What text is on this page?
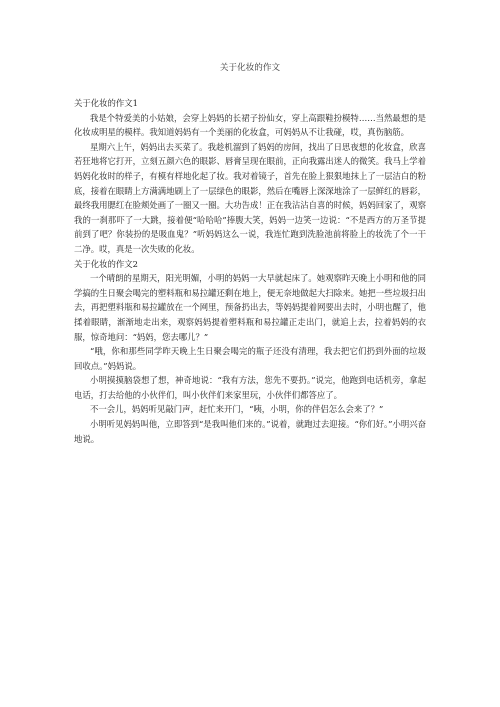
关于化妆的作文

关于化妆的作文1

我是个特爱美的小姑娘，会穿上妈妈的长裙子扮仙女，穿上高跟鞋扮模特……当然最想的是化妆成明星的模样。我知道妈妈有一个美丽的化妆盒，可妈妈从不让我碰，哎，真伤脑筋。

星期六上午，妈妈出去买菜了。我趁机溜到了妈妈的房间，找出了日思夜想的化妆盒，欣喜若狂地将它打开，立刻五颜六色的眼影、唇膏呈现在眼前，正向我露出迷人的微笑。我马上学着妈妈化妆时的样子，有模有样地化起了妆。我对着镜子，首先在脸上狠狠地抹上了一层洁白的粉底，接着在眼睛上方满满地刷上了一层绿色的眼影，然后在嘴唇上深深地涂了一层鲜红的唇彩，最终我用腮红在脸颊处画了一圈又一圈。大功告成！正在我沾沾自喜的时候，妈妈回家了，观察我的一刹那吓了一大跳，接着便“哈哈哈”捧腹大笑，妈妈一边笑一边说：“不是西方的万圣节提前到了吧？你装扮的是吸血鬼？”听妈妈这么一说，我连忙跑到洗脸池前将脸上的妆洗了个一干二净。哎，真是一次失败的化妆。

关于化妆的作文2

一个晴朗的星期天，阳光明媚，小明的妈妈一大早就起床了。她观察昨天晚上小明和他的同学搞的生日聚会喝完的塑料瓶和易拉罐还剩在地上，便无奈地做起大扫除来。她把一些垃圾扫出去，再把塑料瓶和易拉罐放在一个网里，预备扔出去，等妈妈提着网要出去时，小明也醒了，他揉着眼睛，渐渐地走出来，观察妈妈提着塑料瓶和易拉罐正走出门，就追上去，拉着妈妈的衣服，惊奇地问：“妈妈，您去哪儿？”

“哦，你和那些同学昨天晚上生日聚会喝完的瓶子还没有清理，我去把它们扔到外面的垃圾回收点。”妈妈说。

小明摸摸脑袋想了想，神奇地说：“我有方法，您先不要扔。”说完，他跑到电话机旁，拿起电话，打去给他的小伙伴们，叫小伙伴们来家里玩，小伙伴们都答应了。

不一会儿，妈妈听见敲门声，赶忙来开门，“咦，小明，你的伴侣怎么会来了？”

小明听见妈妈叫他，立即答到“是我叫他们来的。”说着，就跑过去迎接。“你们好。”小明兴奋地说。
